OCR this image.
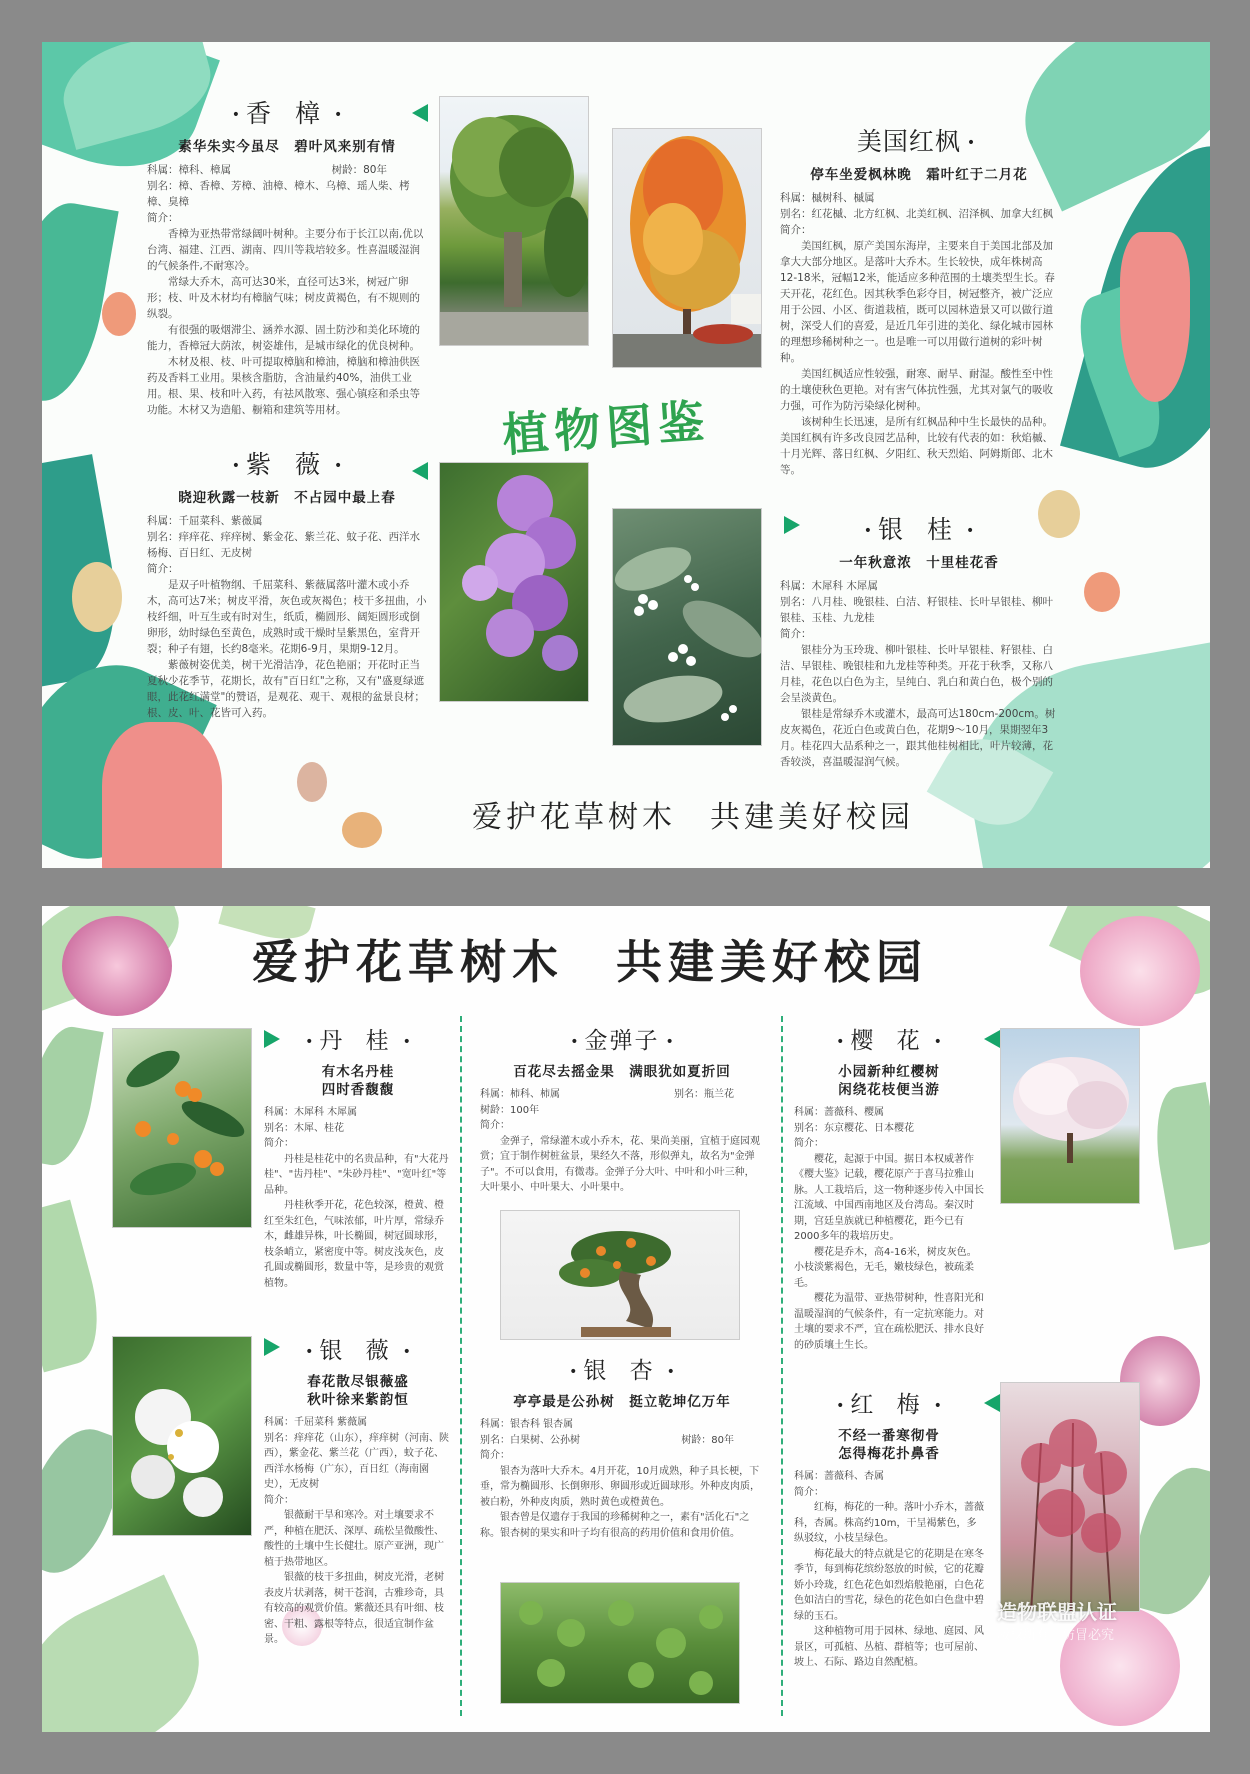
• 香 樟 •
素华朱实今虽尽　碧叶风来别有情
科属：樟科、樟属	树龄：80年
别名：樟、香樟、芳樟、油樟、樟木、乌樟、瑶人柴、栲樟、臭樟
简介：

香樟为亚热带常绿阔叶树种。主要分布于长江以南,优以台湾、福建、江西、湖南、四川等栽培较多。性喜温暖湿润的气候条件,不耐寒冷。

常绿大乔木，高可达30米，直径可达3米，树冠广卵形；枝、叶及木材均有樟脑气味；树皮黄褐色，有不规则的纵裂。

有很强的吸烟滞尘、涵养水源、固土防沙和美化环境的能力，香樟冠大荫浓，树姿雄伟，是城市绿化的优良树种。

木材及根、枝、叶可提取樟脑和樟油，樟脑和樟油供医药及香料工业用。果核含脂肪，含油量约40%，油供工业用。根、果、枝和叶入药，有祛风散寒、强心镇痉和杀虫等功能。木材又为造船、橱箱和建筑等用材。	植物图鉴
• 紫 薇 •
晓迎秋露一枝新　不占园中最上春
科属：千屈菜科、紫薇属
别名：痒痒花、痒痒树、紫金花、紫兰花、蚊子花、西洋水杨梅、百日红、无皮树
简介：

是双子叶植物纲、千屈菜科、紫薇属落叶灌木或小乔木，高可达7米；树皮平滑，灰色或灰褐色；枝干多扭曲，小枝纤细，叶互生或有时对生，纸质，椭圆形、阔矩圆形或倒卵形，幼时绿色至黄色，成熟时或干燥时呈紫黑色，室背开裂；种子有翅，长约8毫米。花期6-9月，果期9-12月。

紫薇树姿优美，树干光滑洁净，花色艳丽；开花时正当夏秋少花季节，花期长，故有"百日红"之称，又有"盛夏绿遮眼，此花红满堂"的赞语，是观花、观干、观根的盆景良材；根、皮、叶、花皆可入药。

美国红枫 •
停车坐爱枫林晚　霜叶红于二月花
科属：槭树科、槭属
别名：红花槭、北方红枫、北美红枫、沼泽枫、加拿大红枫
简介：

美国红枫，原产美国东海岸，主要来自于美国北部及加拿大大部分地区。是落叶大乔木。生长较快，成年株树高12-18米，冠幅12米，能适应多种范围的土壤类型生长。春天开花，花红色。因其秋季色彩夺目，树冠整齐，被广泛应用于公园、小区、街道栽植，既可以园林造景又可以做行道树，深受人们的喜爱，是近几年引进的美化、绿化城市园林的理想珍稀树种之一。也是唯一可以用做行道树的彩叶树种。

美国红枫适应性较强，耐寒、耐旱、耐湿。酸性至中性的土壤使秋色更艳。对有害气体抗性强，尤其对氯气的吸收力强，可作为防污染绿化树种。

该树种生长迅速，是所有红枫品种中生长最快的品种。美国红枫有许多改良园艺品种，比较有代表的如：秋焰槭、十月光辉、落日红枫、夕阳红、秋天烈焰、阿姆斯郎、北木等。

• 银 桂 •
一年秋意浓　十里桂花香
科属：木犀科 木犀属
别名：八月桂、晚银桂、白洁、籽银桂、长叶早银桂、柳叶银桂、玉桂、九龙桂
简介：

银桂分为玉玲珑、柳叶银桂、长叶早银桂、籽银桂、白洁、早银桂、晚银桂和九龙桂等种类。开花于秋季，又称八月桂，花色以白色为主，呈纯白、乳白和黄白色，极个别的会呈淡黄色。

银桂是常绿乔木或灌木，最高可达180cm-200cm。树皮灰褐色，花近白色或黄白色，花期9～10月，果期翌年3月。桂花四大品系种之一，跟其他桂树相比，叶片较薄，花香较淡，喜温暖湿润气候。

爱护花草树木　共建美好校园
爱护花草树木　共建美好校园
• 丹 桂 •
有木名丹桂
四时香馥馥
科属：木犀科 木犀属
别名：木犀、桂花
简介：

丹桂是桂花中的名贵品种，有"大花丹桂"、"齿丹桂"、"朱砂丹桂"、"宽叶红"等品种。

丹桂秋季开花，花色较深，橙黄、橙红至朱红色，气味浓郁，叶片厚，常绿乔木，雌雄异株，叶长椭圆，树冠圆球形，枝条峭立，紧密度中等。树皮浅灰色，皮孔圆或椭圆形，数量中等，是珍贵的观赏植物。

• 银 薇 •
春花散尽银薇盛
秋叶徐来紫韵恒
科属：千屈菜科 紫薇属
别名：痒痒花（山东），痒痒树（河南、陕西），紫金花、紫兰花（广西），蚊子花、西洋水杨梅（广东），百日红（海南園史），无皮树
简介：

银薇耐干旱和寒冷。对土壤要求不严，种植在肥沃、深厚、疏松呈微酸性、酸性的土壤中生长健壮。原产亚洲，现广植于热带地区。

银薇的枝干多扭曲，树皮光滑，老树表皮片状剥落，树干苍润，古雅珍奇，具有较高的观赏价值。紫薇还具有叶细、枝密、干粗、露根等特点，很适宜制作盆景。

• 金弹子 •
百花尽去摇金果　满眼犹如夏折回
科属：柿科、柿属	别名：瓶兰花
树龄：100年
简介：

金弹子，常绿灌木或小乔木，花、果尚美丽，宜植于庭园观赏；宜于制作树桩盆景，果经久不落，形似弹丸，故名为"金弹子"。不可以食用，有微毒。金弹子分大叶、中叶和小叶三种，大叶果小、中叶果大、小叶果中。

• 银 杏 •
亭亭最是公孙树　挺立乾坤亿万年
科属：银杏科 银杏属
别名：白果树、公孙树	树龄：80年
简介：

银杏为落叶大乔木。4月开花，10月成熟，种子具长梗，下垂，常为椭圆形、长倒卵形、卵圆形或近圆球形。外种皮肉质，被白粉，外种皮肉质，熟时黄色或橙黄色。

银杏曾是仅遗存于我国的珍稀树种之一，素有"活化石"之称。银杏树的果实和叶子均有很高的药用价值和食用价值。

• 樱 花 •
小园新种红樱树
闲绕花枝便当游
科属：蔷薇科、樱属
别名：东京樱花、日本樱花
简介：

樱花，起源于中国。据日本权威著作《樱大鉴》记载，樱花原产于喜马拉雅山脉。人工栽培后，这一物种逐步传入中国长江流域、中国西南地区及台湾岛。秦汉时期，宫廷皇族就已种植樱花，距今已有2000多年的栽培历史。

樱花是乔木，高4-16米，树皮灰色。小枝淡紫褐色，无毛，嫩枝绿色，被疏柔毛。

樱花为温带、亚热带树种，性喜阳光和温暖湿润的气候条件，有一定抗寒能力。对土壤的要求不严，宜在疏松肥沃、排水良好的砂质壤土生长。

• 红 梅 •
不经一番寒彻骨
怎得梅花扑鼻香
科属：蔷薇科、杏属
简介：

红梅，梅花的一种。落叶小乔木，蔷薇科，杏属。株高约10m，干呈褐紫色，多纵驳纹，小枝呈绿色。

梅花最大的特点就是它的花期是在寒冬季节，每到梅花缤纷怒放的时候，它的花瓣娇小玲珑，红色花色如烈焰般艳丽，白色花色如洁白的雪花，绿色的花色如白色盘中碧绿的玉石。

这种植物可用于园林、绿地、庭园、风景区，可孤植、丛植、群植等；也可屋前、坡上、石际、路边自然配植。

造物联盟认证
版权所有　仿冒必究
